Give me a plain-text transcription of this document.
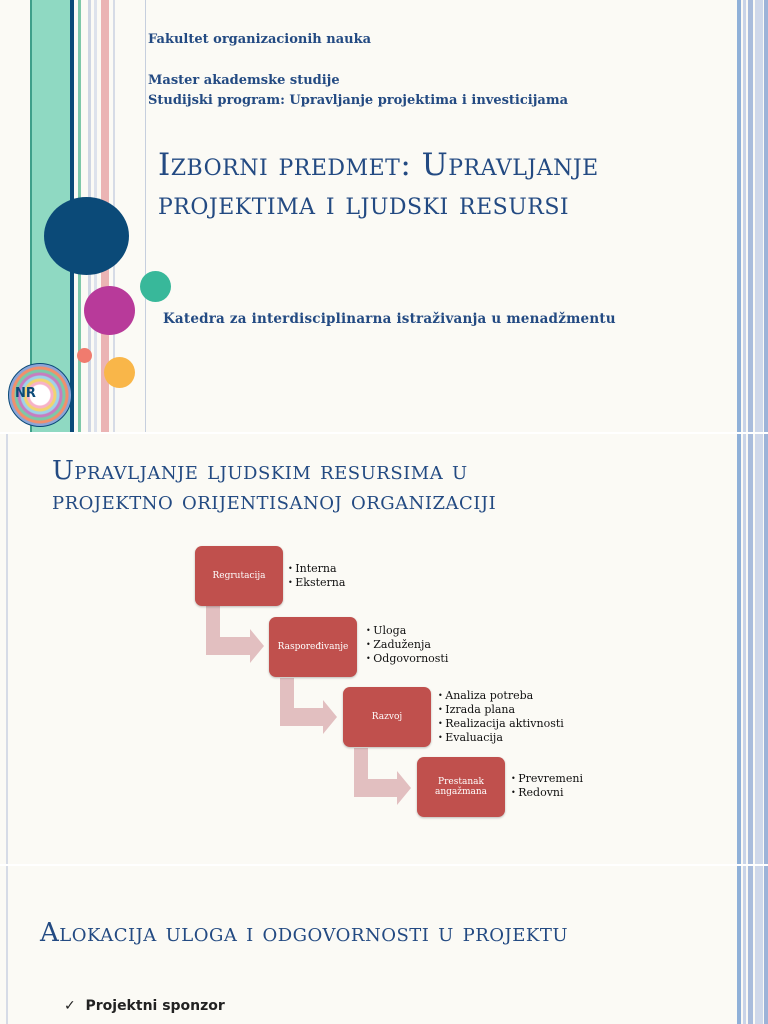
NR
Fakultet organizacionih nauka
Master akademske studije
Studijski program: Upravljanje projektima i investicijama
Izborni predmet: Upravljanje
projektima i ljudski resursi
Katedra za interdisciplinarna istraživanja u menadžmentu
Upravljanje ljudskim resursima u
projektno orijentisanoj organizaciji
Regrutacija
• Interna
• Eksterna
Raspoređivanje
• Uloga
• Zaduženja
• Odgovornosti
Razvoj
• Analiza potreba
• Izrada plana
• Realizacija aktivnosti
• Evaluacija
Prestanak angažmana
• Prevremeni
• Redovni
Alokacija uloga i odgovornosti u projektu
✓  Projektni sponzor
